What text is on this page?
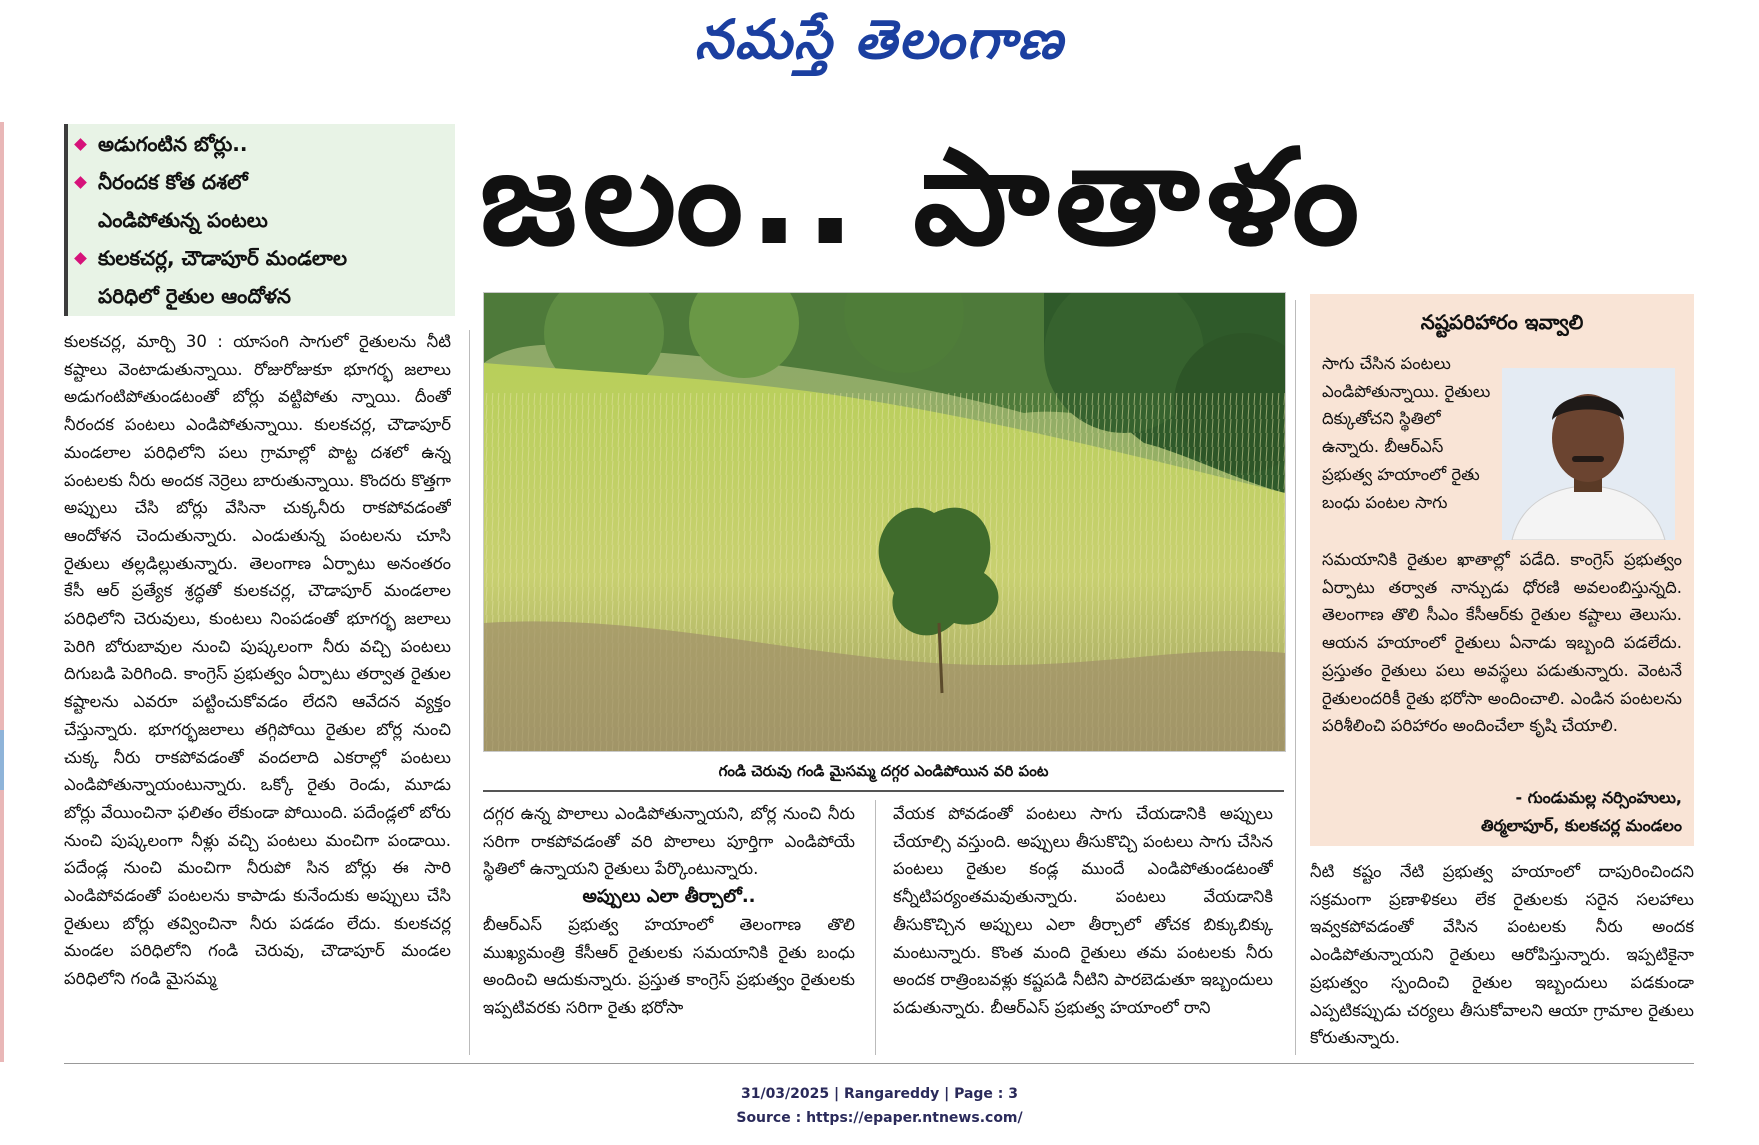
నమస్తే తెలంగాణ
అడుగంటిన బోర్లు..
నీరందక కోత దశలో
ఎండిపోతున్న పంటలు
కులకచర్ల, చౌడాపూర్ మండలాల
పరిధిలో రైతుల ఆందోళన
జలం.. పాతాళం
గండి చెరువు గండి మైసమ్మ దగ్గర ఎండిపోయిన వరి పంట

కులకచర్ల, మార్చి 30 : యాసంగి సాగులో రైతులను నీటి కష్టాలు వెంటాడుతున్నాయి. రోజురోజుకూ భూగర్భ జలాలు అడుగంటిపోతుండటంతో బోర్లు వట్టిపోతు న్నాయి. దీంతో నీరందక పంటలు ఎండిపోతున్నాయి. కులకచర్ల, చౌడాపూర్ మండలాల పరిధిలోని పలు గ్రామాల్లో పొట్ట దశలో ఉన్న పంటలకు నీరు అందక నెర్రెలు బారుతున్నాయి. కొందరు కొత్తగా అప్పులు చేసి బోర్లు వేసినా చుక్కనీరు రాకపోవడంతో ఆందోళన చెందుతున్నారు. ఎండుతున్న పంటలను చూసి రైతులు తల్లడిల్లుతున్నారు. తెలంగాణ ఏర్పాటు అనంతరం కేసీ ఆర్ ప్రత్యేక శ్రద్ధతో కులకచర్ల, చౌడాపూర్ మండలాల పరిధిలోని చెరువులు, కుంటలు నింపడంతో భూగర్భ జలాలు పెరిగి బోరుబావుల నుంచి పుష్కలంగా నీరు వచ్చి పంటలు దిగుబడి పెరిగింది. కాంగ్రెస్ ప్రభుత్వం ఏర్పాటు తర్వాత రైతుల కష్టాలను ఎవరూ పట్టించుకోవడం లేదని ఆవేదన వ్యక్తం చేస్తున్నారు. భూగర్భజలాలు తగ్గిపోయి రైతుల బోర్ల నుంచి చుక్క నీరు రాకపోవడంతో వందలాది ఎకరాల్లో పంటలు ఎండిపోతున్నాయంటున్నారు. ఒక్కో రైతు రెండు, మూడు బోర్లు వేయించినా ఫలితం లేకుండా పోయింది. పదేండ్లలో బోరు నుంచి పుష్కలంగా నీళ్లు వచ్చి పంటలు మంచిగా పండాయి. పదేండ్ల నుంచి మంచిగా నీరుపో సిన బోర్లు ఈ సారి ఎండిపోవడంతో పంటలను కాపాడు కునేందుకు అప్పులు చేసి రైతులు బోర్లు తవ్వించినా నీరు పడడం లేదు. కులకచర్ల మండల పరిధిలోని గండి చెరువు, చౌడాపూర్ మండల పరిధిలోని గండి మైసమ్మ

దగ్గర ఉన్న పొలాలు ఎండిపోతున్నాయని, బోర్ల నుంచి నీరు సరిగా రాకపోవడంతో వరి పొలాలు పూర్తిగా ఎండిపోయే స్థితిలో ఉన్నాయని రైతులు పేర్కొంటున్నారు.

అప్పులు ఎలా తీర్చాలో..

బీఆర్ఎస్ ప్రభుత్వ హయాంలో తెలంగాణ తొలి ముఖ్యమంత్రి కేసీఆర్ రైతులకు సమయానికి రైతు బంధు అందించి ఆదుకున్నారు. ప్రస్తుత కాంగ్రెస్ ప్రభుత్వం రైతులకు ఇప్పటివరకు సరిగా రైతు భరోసా

వేయక పోవడంతో పంటలు సాగు చేయడానికి అప్పులు చేయాల్సి వస్తుంది. అప్పులు తీసుకొచ్చి పంటలు సాగు చేసిన పంటలు రైతుల కండ్ల ముందే ఎండిపోతుండటంతో కన్నీటిపర్యంతమవుతున్నారు. పంటలు వేయడానికి తీసుకొచ్చిన అప్పులు ఎలా తీర్చాలో తోచక బిక్కుబిక్కు మంటున్నారు. కొంత మంది రైతులు తమ పంటలకు నీరు అందక రాత్రింబవళ్లు కష్టపడి నీటిని పారబెడుతూ ఇబ్బందులు పడుతున్నారు. బీఆర్ఎస్ ప్రభుత్వ హయాంలో రాని

నష్టపరిహారం ఇవ్వాలి
సాగు చేసిన పంటలు ఎండిపోతున్నాయి. రైతులు దిక్కుతోచని స్థితిలో ఉన్నారు. బీఆర్ఎస్ ప్రభుత్వ హయాంలో రైతు బంధు పంటల సాగు
సమయానికి రైతుల ఖాతాల్లో పడేది. కాంగ్రెస్ ప్రభుత్వం ఏర్పాటు తర్వాత నాన్చుడు ధోరణి అవలంబిస్తున్నది. తెలంగాణ తొలి సీఎం కేసీఆర్‌కు రైతుల కష్టాలు తెలుసు. ఆయన హయాంలో రైతులు ఏనాడు ఇబ్బంది పడలేదు. ప్రస్తుతం రైతులు పలు అవస్థలు పడుతున్నారు. వెంటనే రైతులందరికీ రైతు భరోసా అందించాలి. ఎండిన పంటలను పరిశీలించి పరిహారం అందించేలా కృషి చేయాలి.
- గుండుమల్ల నర్సింహులు,
తిర్మలాపూర్, కులకచర్ల మండలం

నీటి కష్టం నేటి ప్రభుత్వ హయాంలో దాపురించిందని సక్రమంగా ప్రణాళికలు లేక రైతులకు సరైన సలహాలు ఇవ్వకపోవడంతో వేసిన పంటలకు నీరు అందక ఎండిపోతున్నాయని రైతులు ఆరోపిస్తున్నారు. ఇప్పటికైనా ప్రభుత్వం స్పందించి రైతుల ఇబ్బందులు పడకుండా ఎప్పటికప్పుడు చర్యలు తీసుకోవాలని ఆయా గ్రామాల రైతులు కోరుతున్నారు.

31/03/2025 | Rangareddy | Page : 3
Source : https://epaper.ntnews.com/
